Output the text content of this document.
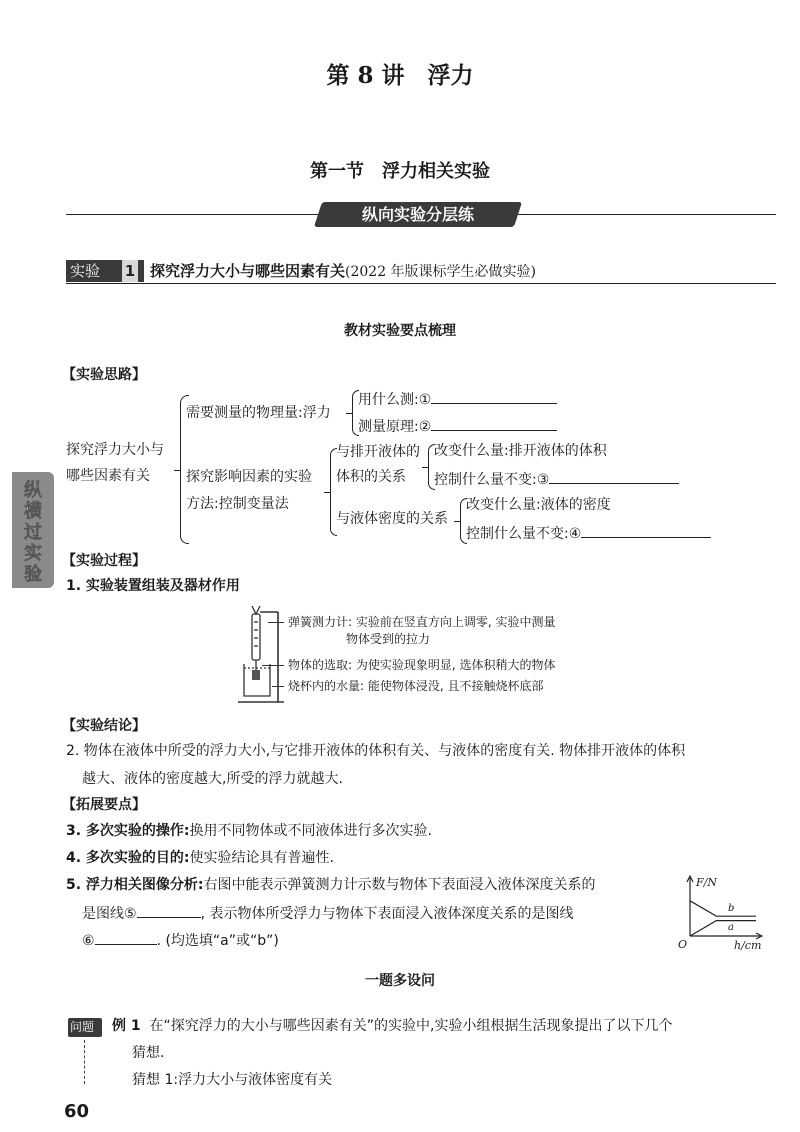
第 8 讲　浮力
第一节　浮力相关实验
纵向实验分层练
实验 1 探究浮力大小与哪些因素有关(2022 年版课标学生必做实验)
教材实验要点梳理
【实验思路】
探究浮力大小与
哪些因素有关
需要测量的物理量:浮力
用什么测:①
测量原理:②
探究影响因素的实验
方法:控制变量法
与排开液体的
体积的关系
改变什么量:排开液体的体积
控制什么量不变:③
与液体密度的关系
改变什么量:液体的密度
控制什么量不变:④
纵横过实验
【实验过程】
1. 实验装置组装及器材作用
弹簧测力计: 实验前在竖直方向上调零, 实验中测量
物体受到的拉力
物体的选取: 为使实验现象明显, 选体积稍大的物体
烧杯内的水量: 能使物体浸没, 且不接触烧杯底部
【实验结论】
2. 物体在液体中所受的浮力大小,与它排开液体的体积有关、与液体的密度有关. 物体排开液体的体积
越大、液体的密度越大,所受的浮力就越大.
【拓展要点】
3. 多次实验的操作:换用不同物体或不同液体进行多次实验.
4. 多次实验的目的:使实验结论具有普遍性.
5. 浮力相关图像分析:右图中能表示弹簧测力计示数与物体下表面浸入液体深度关系的
是图线⑤	, 表示物体所受浮力与物体下表面浸入液体深度关系的是图线
⑥	. (均选填“a”或“b”)
F/N
O	h/cm
b
a
一题多设问
问题 例 1 在“探究浮力的大小与哪些因素有关”的实验中,实验小组根据生活现象提出了以下几个
猜想.
猜想 1:浮力大小与液体密度有关
60
